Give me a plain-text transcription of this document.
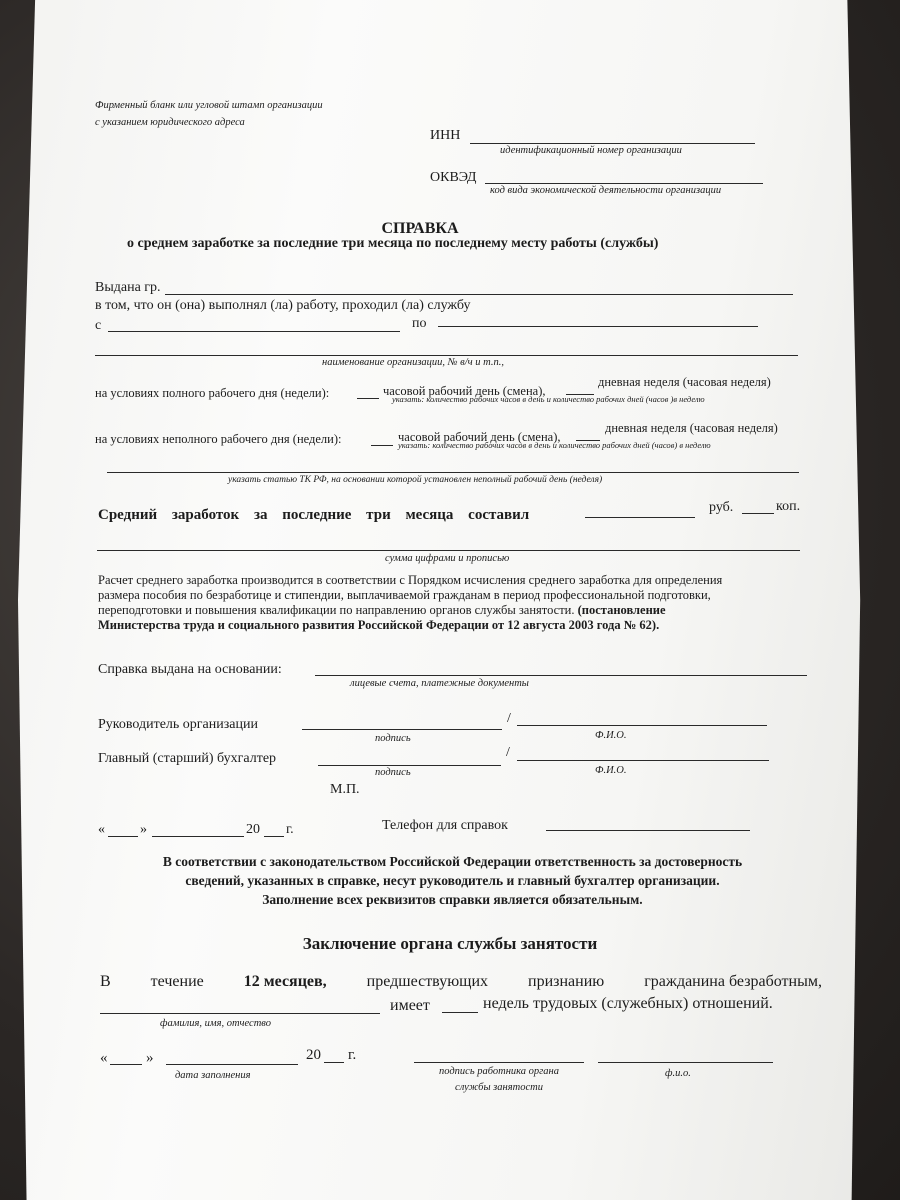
Фирменный бланк или угловой штамп организации
с указанием юридического адреса
ИНН
идентификационный номер организации
ОКВЭД
код вида экономической деятельности организации
СПРАВКА
о среднем заработке за последние три месяца по последнему месту работы (службы)
Выдана гр.
в том, что он (она) выполнял (ла) работу, проходил (ла) службу
с	по
наименование организации, № в/ч и т.п.,
на условиях полного рабочего дня (недели):	часовой рабочий день (смена),
дневная неделя (часовая неделя)
указать: количество рабочих часов в день и количество рабочих дней (часов )в неделю
на условиях неполного рабочего дня (недели):	часовой рабочий день (смена),
дневная неделя (часовая неделя)
указать: количество рабочих часов в день и количество рабочих дней (часов) в неделю
указать статью ТК РФ, на основании которой установлен неполный рабочий день (неделя)
Средний заработок за последние три месяца составил	руб.	коп.
сумма цифрами и прописью
Расчет среднего заработка производится в соответствии с Порядком исчисления среднего заработка для определения
размера пособия по безработице и стипендии, выплачиваемой гражданам в период профессиональной подготовки,
переподготовки и повышения квалификации по направлению органов службы занятости. (постановление
Министерства труда и социального развития Российской Федерации от 12 августа 2003 года № 62).
Справка выдана на основании:
лицевые счета, платежные документы
Руководитель организации	/
подпись	Ф.И.О.
Главный (старший) бухгалтер	/
подпись	Ф.И.О.
М.П.
«	»	20 г.	Телефон для справок
В соответствии с законодательством Российской Федерации ответственность за достоверность
сведений, указанных в справке, несут руководитель и главный бухгалтер организации.
Заполнение всех реквизитов справки является обязательным.
Заключение органа службы занятости
В	течение	12 месяцев,	предшествующих	признанию	гражданина безработным,
имеет	недель трудовых (служебных) отношений.
фамилия, имя, отчество
«	»	20 г.
дата заполнения	подпись работника органа
службы занятости
ф.и.о.
